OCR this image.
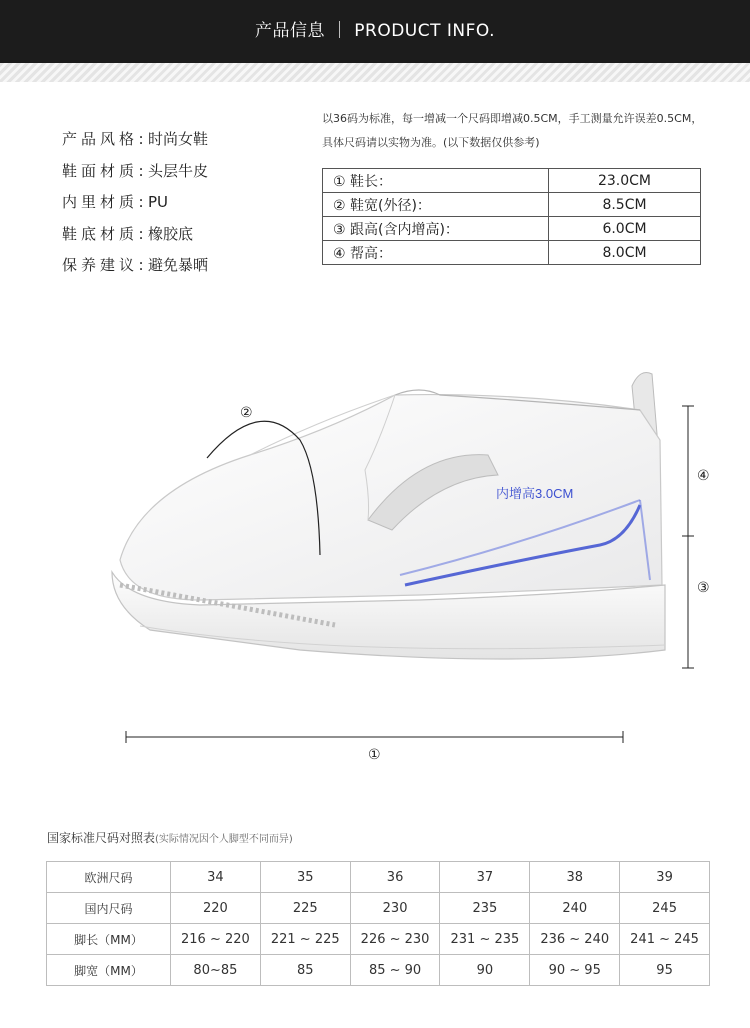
产品信息 ｜ PRODUCT INFO.
产品风格 : 时尚女鞋
鞋面材质 : 头层牛皮
内里材质 : PU
鞋底材质 : 橡胶底
保养建议 : 避免暴晒
以36码为标准，每一增减一个尺码即增减0.5CM，手工测量允许误差0.5CM，
具体尺码请以实物为准。(以下数据仅供参考)
① 鞋长：	23.0CM
② 鞋宽(外径)：	8.5CM
③ 跟高(含内增高)：	6.0CM
④ 帮高：	8.0CM
内增高3.0CM
②
④
③
①
国家标准尺码对照表(实际情况因个人脚型不同而异)
欧洲尺码	34	35	36	37	38	39
国内尺码	220	225	230	235	240	245
脚长（MM）	216 ~ 220	221 ~ 225	226 ~ 230	231 ~ 235	236 ~ 240	241 ~ 245
脚宽（MM）	80~85	85	85 ~ 90	90	90 ~ 95	95
